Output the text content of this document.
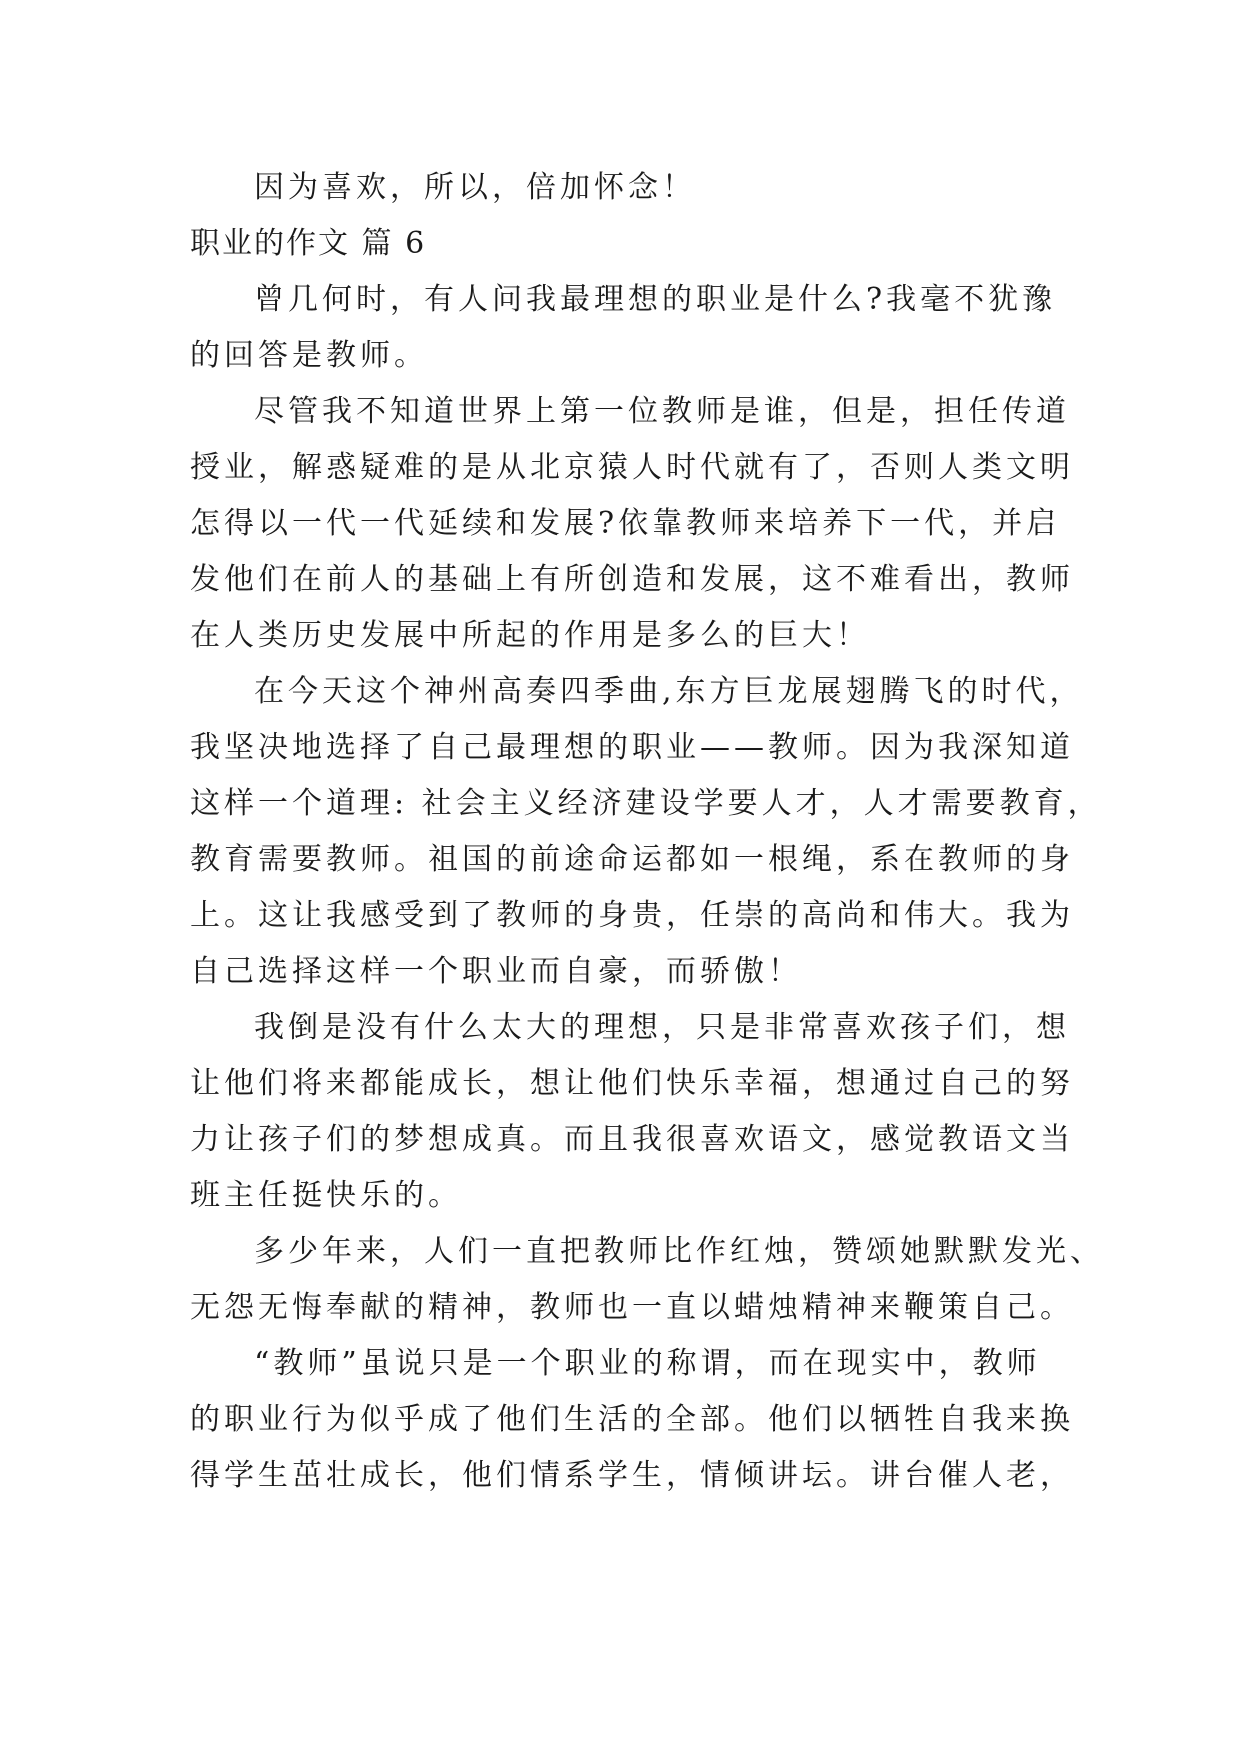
因为喜欢，所以，倍加怀念！
职业的作文 篇 6
曾几何时，有人问我最理想的职业是什么?我毫不犹豫
的回答是教师。
尽管我不知道世界上第一位教师是谁，但是，担任传道
授业，解惑疑难的是从北京猿人时代就有了，否则人类文明
怎得以一代一代延续和发展?依靠教师来培养下一代，并启
发他们在前人的基础上有所创造和发展，这不难看出，教师
在人类历史发展中所起的作用是多么的巨大！
在今天这个神州高奏四季曲,东方巨龙展翅腾飞的时代，
我坚决地选择了自己最理想的职业——教师。因为我深知道
这样一个道理: 社会主义经济建设学要人才，人才需要教育，
教育需要教师。祖国的前途命运都如一根绳，系在教师的身
上。这让我感受到了教师的身贵，任崇的高尚和伟大。我为
自己选择这样一个职业而自豪，而骄傲！
我倒是没有什么太大的理想，只是非常喜欢孩子们，想
让他们将来都能成长，想让他们快乐幸福，想通过自己的努
力让孩子们的梦想成真。而且我很喜欢语文，感觉教语文当
班主任挺快乐的。
多少年来，人们一直把教师比作红烛，赞颂她默默发光、
无怨无悔奉献的精神，教师也一直以蜡烛精神来鞭策自己。
“教师”虽说只是一个职业的称谓，而在现实中，教师
的职业行为似乎成了他们生活的全部。他们以牺牲自我来换
得学生茁壮成长，他们情系学生，情倾讲坛。讲台催人老，
